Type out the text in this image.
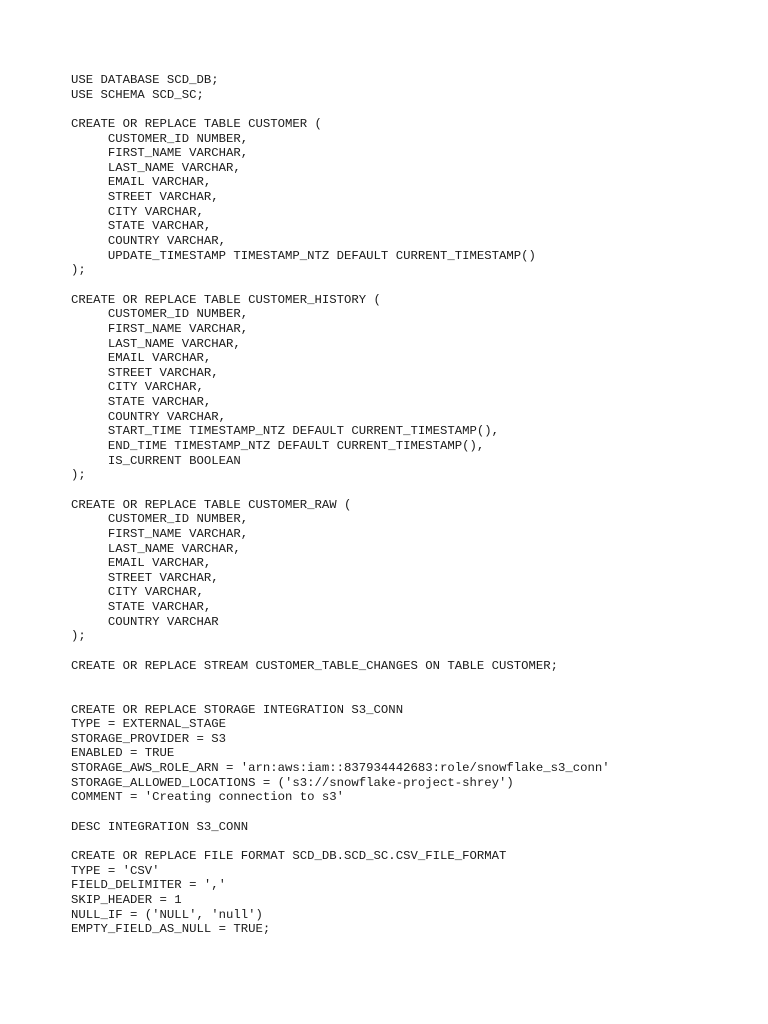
USE DATABASE SCD_DB;
USE SCHEMA SCD_SC;
CREATE OR REPLACE TABLE CUSTOMER (
CUSTOMER_ID NUMBER,
FIRST_NAME VARCHAR,
LAST_NAME VARCHAR,
EMAIL VARCHAR,
STREET VARCHAR,
CITY VARCHAR,
STATE VARCHAR,
COUNTRY VARCHAR,
UPDATE_TIMESTAMP TIMESTAMP_NTZ DEFAULT CURRENT_TIMESTAMP()
);
CREATE OR REPLACE TABLE CUSTOMER_HISTORY (
CUSTOMER_ID NUMBER,
FIRST_NAME VARCHAR,
LAST_NAME VARCHAR,
EMAIL VARCHAR,
STREET VARCHAR,
CITY VARCHAR,
STATE VARCHAR,
COUNTRY VARCHAR,
START_TIME TIMESTAMP_NTZ DEFAULT CURRENT_TIMESTAMP(),
END_TIME TIMESTAMP_NTZ DEFAULT CURRENT_TIMESTAMP(),
IS_CURRENT BOOLEAN
);
CREATE OR REPLACE TABLE CUSTOMER_RAW (
CUSTOMER_ID NUMBER,
FIRST_NAME VARCHAR,
LAST_NAME VARCHAR,
EMAIL VARCHAR,
STREET VARCHAR,
CITY VARCHAR,
STATE VARCHAR,
COUNTRY VARCHAR
);
CREATE OR REPLACE STREAM CUSTOMER_TABLE_CHANGES ON TABLE CUSTOMER;
CREATE OR REPLACE STORAGE INTEGRATION S3_CONN
TYPE = EXTERNAL_STAGE
STORAGE_PROVIDER = S3
ENABLED = TRUE
STORAGE_AWS_ROLE_ARN = 'arn:aws:iam::837934442683:role/snowflake_s3_conn'
STORAGE_ALLOWED_LOCATIONS = ('s3://snowflake-project-shrey')
COMMENT = 'Creating connection to s3'
DESC INTEGRATION S3_CONN
CREATE OR REPLACE FILE FORMAT SCD_DB.SCD_SC.CSV_FILE_FORMAT
TYPE = 'CSV'
FIELD_DELIMITER = ','
SKIP_HEADER = 1
NULL_IF = ('NULL', 'null')
EMPTY_FIELD_AS_NULL = TRUE;
